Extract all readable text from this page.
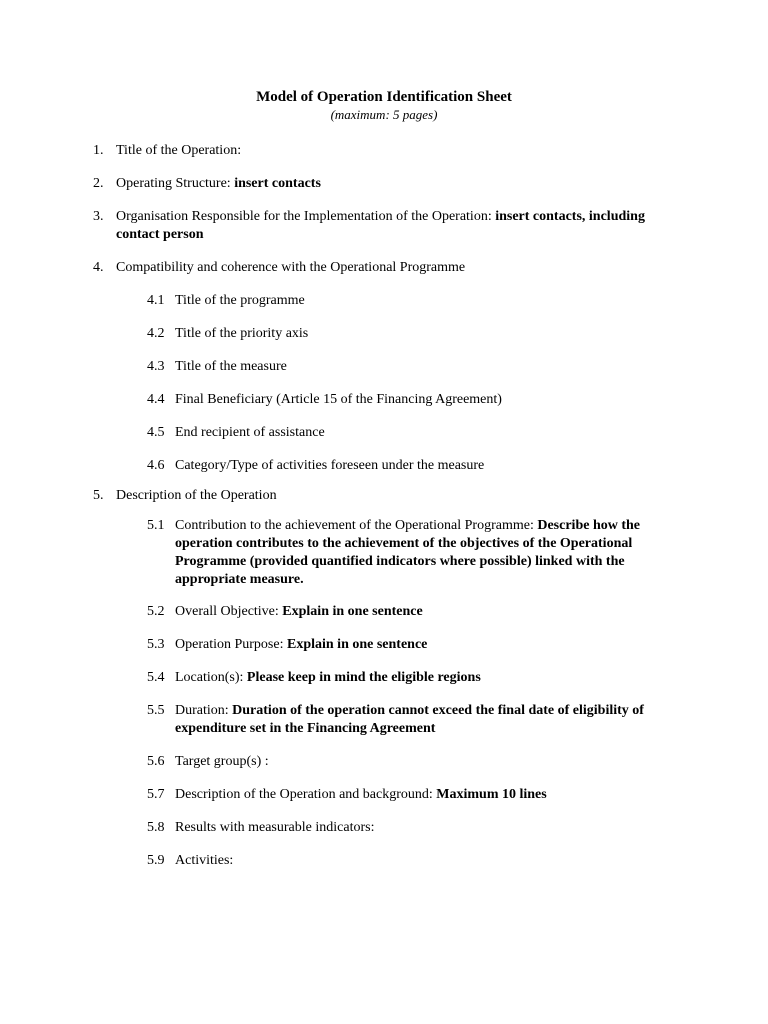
Model of Operation Identification Sheet
(maximum: 5 pages)
1. Title of the Operation:
2. Operating Structure: insert contacts
3. Organisation Responsible for the Implementation of the Operation: insert contacts, including contact person
4. Compatibility and coherence with the Operational Programme
4.1 Title of the programme
4.2 Title of the priority axis
4.3 Title of the measure
4.4 Final Beneficiary (Article 15 of the Financing Agreement)
4.5 End recipient of assistance
4.6 Category/Type of activities foreseen under the measure
5. Description of the Operation
5.1 Contribution to the achievement of the Operational Programme: Describe how the operation contributes to the achievement of the objectives of the Operational Programme (provided quantified indicators where possible) linked with the appropriate measure.
5.2 Overall Objective: Explain in one sentence
5.3 Operation Purpose: Explain in one sentence
5.4 Location(s): Please keep in mind the eligible regions
5.5 Duration: Duration of the operation cannot exceed the final date of eligibility of expenditure set in the Financing Agreement
5.6 Target group(s) :
5.7 Description of the Operation and background: Maximum 10 lines
5.8 Results with measurable indicators:
5.9 Activities:
